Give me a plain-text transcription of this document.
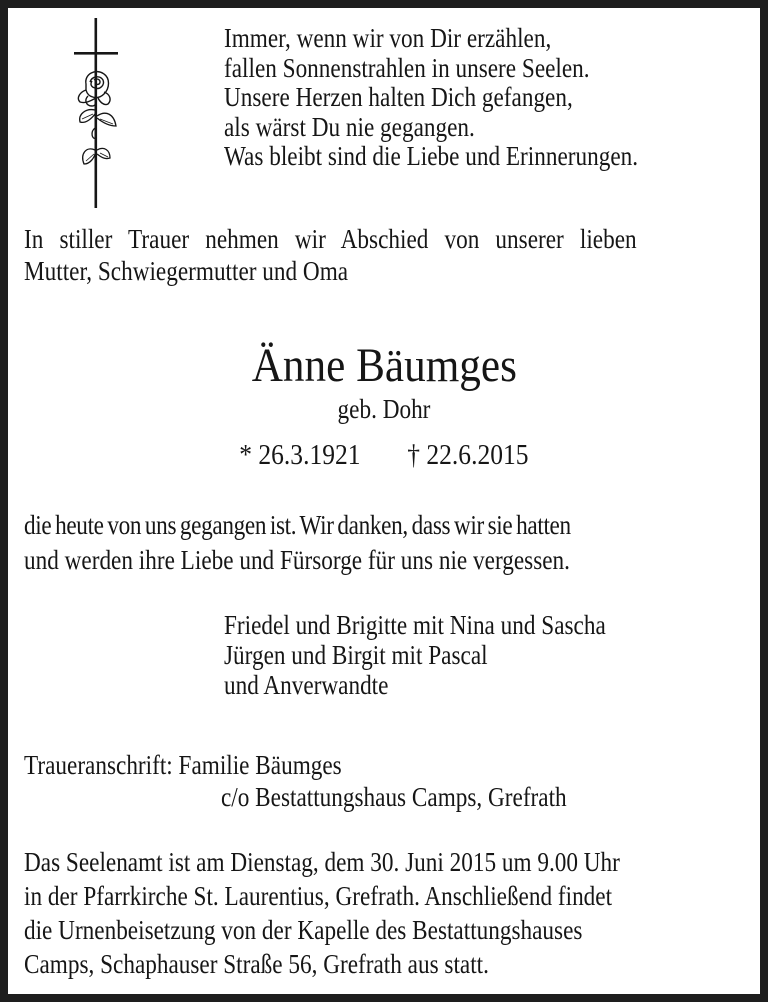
Immer, wenn wir von Dir erzählen,
fallen Sonnenstrahlen in unsere Seelen.
Unsere Herzen halten Dich gefangen,
als wärst Du nie gegangen.
Was bleibt sind die Liebe und Erinnerungen.
In stiller Trauer nehmen wir Abschied von unserer lieben
Mutter, Schwiegermutter und Oma
Änne Bäumges
geb. Dohr
* 26.3.1921 † 22.6.2015
die heute von uns gegangen ist. Wir danken, dass wir sie hatten
und werden ihre Liebe und Fürsorge für uns nie vergessen.
Friedel und Brigitte mit Nina und Sascha
Jürgen und Birgit mit Pascal
und Anverwandte
Traueranschrift: Familie Bäumges
c/o Bestattungshaus Camps, Grefrath
Das Seelenamt ist am Dienstag, dem 30. Juni 2015 um 9.00 Uhr
in der Pfarrkirche St. Laurentius, Grefrath. Anschließend findet
die Urnenbeisetzung von der Kapelle des Bestattungshauses
Camps, Schaphauser Straße 56, Grefrath aus statt.
